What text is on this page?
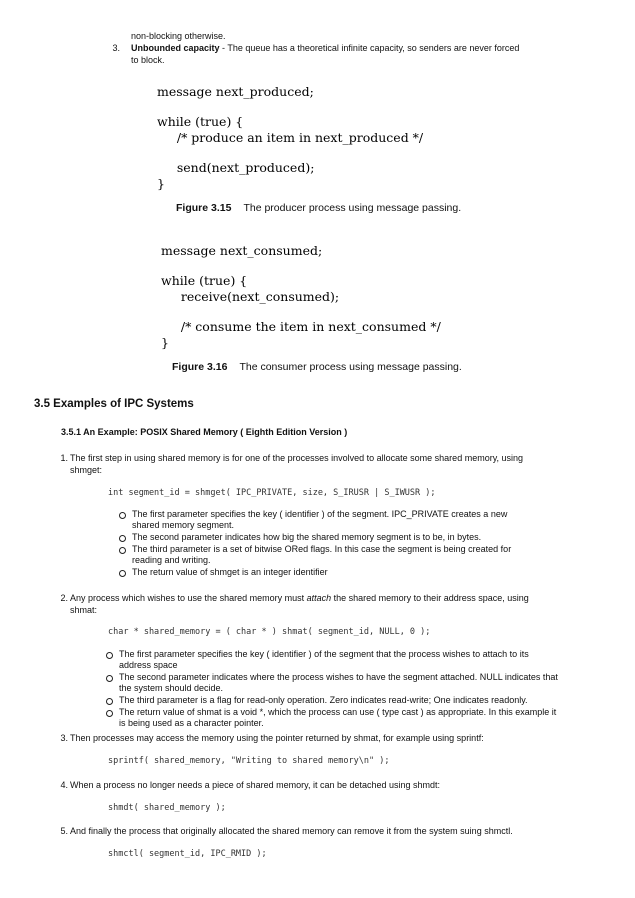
non-blocking otherwise.
3. Unbounded capacity - The queue has a theoretical infinite capacity, so senders are never forced
to block.
message next_produced;
while (true) {
/* produce an item in next_produced */
send(next_produced);
}
Figure 3.15 The producer process using message passing.
message next_consumed;
while (true) {
receive(next_consumed);
/* consume the item in next_consumed */
}
Figure 3.16 The consumer process using message passing.
3.5 Examples of IPC Systems
3.5.1 An Example: POSIX Shared Memory ( Eighth Edition Version )
1. The first step in using shared memory is for one of the processes involved to allocate some shared memory, using
shmget:
int segment_id = shmget( IPC_PRIVATE, size, S_IRUSR | S_IWUSR );
The first parameter specifies the key ( identifier ) of the segment. IPC_PRIVATE creates a new
shared memory segment.
The second parameter indicates how big the shared memory segment is to be, in bytes.
The third parameter is a set of bitwise ORed flags. In this case the segment is being created for
reading and writing.
The return value of shmget is an integer identifier
2. Any process which wishes to use the shared memory must attach the shared memory to their address space, using
shmat:
char * shared_memory = ( char * ) shmat( segment_id, NULL, 0 );
The first parameter specifies the key ( identifier ) of the segment that the process wishes to attach to its
address space
The second parameter indicates where the process wishes to have the segment attached. NULL indicates that
the system should decide.
The third parameter is a flag for read-only operation. Zero indicates read-write; One indicates readonly.
The return value of shmat is a void *, which the process can use ( type cast ) as appropriate. In this example it
is being used as a character pointer.
3. Then processes may access the memory using the pointer returned by shmat, for example using sprintf:
sprintf( shared_memory, "Writing to shared memory\n" );
4. When a process no longer needs a piece of shared memory, it can be detached using shmdt:
shmdt( shared_memory );
5. And finally the process that originally allocated the shared memory can remove it from the system suing shmctl.
shmctl( segment_id, IPC_RMID );
